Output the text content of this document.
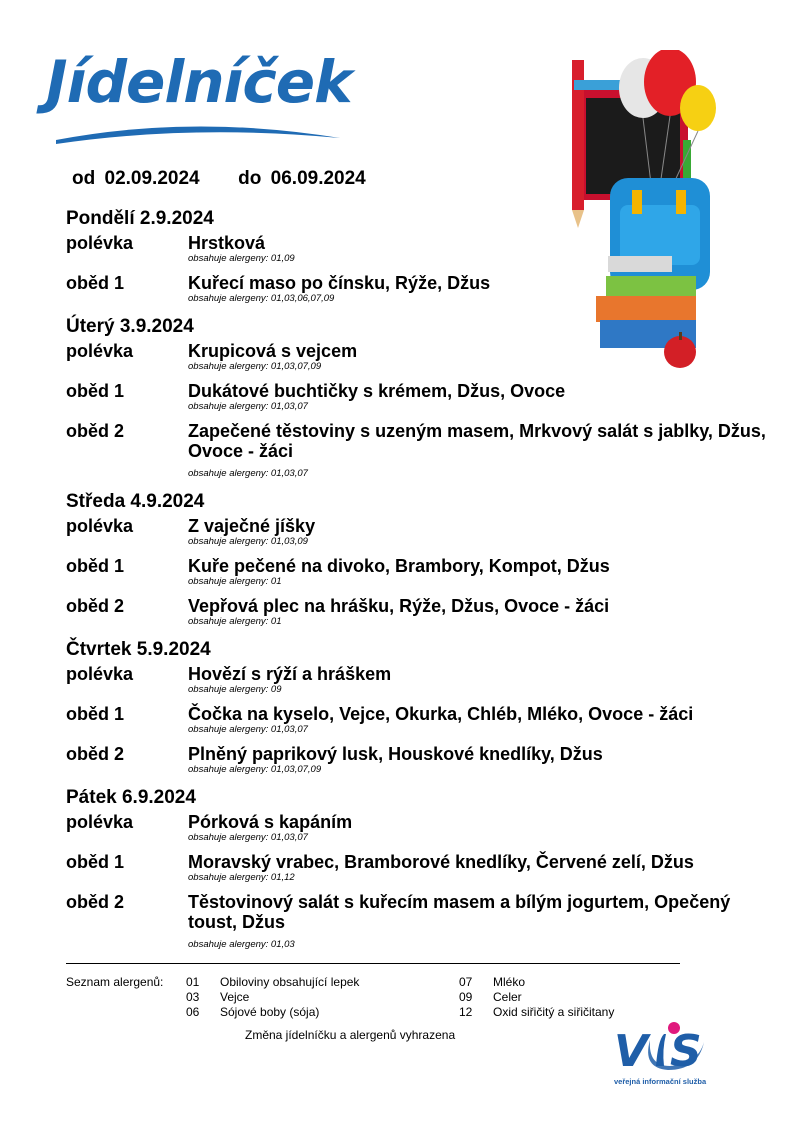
Jídelníček
od 02.09.2024 do 06.09.2024
Pondělí 2.9.2024
polévka	Hrstková
obsahuje alergeny: 01,09
oběd 1	Kuřecí maso po čínsku, Rýže, Džus
obsahuje alergeny: 01,03,06,07,09
Úterý 3.9.2024
polévka	Krupicová s vejcem
obsahuje alergeny: 01,03,07,09
oběd 1	Dukátové buchtičky s krémem, Džus, Ovoce
obsahuje alergeny: 01,03,07
oběd 2	Zapečené těstoviny s uzeným masem, Mrkvový salát s jablky, Džus, Ovoce - žáci
obsahuje alergeny: 01,03,07
Středa 4.9.2024
polévka	Z vaječné jíšky
obsahuje alergeny: 01,03,09
oběd 1	Kuře pečené na divoko, Brambory, Kompot, Džus
obsahuje alergeny: 01
oběd 2	Vepřová plec na hrášku, Rýže, Džus, Ovoce - žáci
obsahuje alergeny: 01
Čtvrtek 5.9.2024
polévka	Hovězí s rýží a hráškem
obsahuje alergeny: 09
oběd 1	Čočka na kyselo, Vejce, Okurka, Chléb, Mléko, Ovoce - žáci
obsahuje alergeny: 01,03,07
oběd 2	Plněný paprikový lusk, Houskové knedlíky, Džus
obsahuje alergeny: 01,03,07,09
Pátek 6.9.2024
polévka	Pórková s kapáním
obsahuje alergeny: 01,03,07
oběd 1	Moravský vrabec, Bramborové knedlíky, Červené zelí, Džus
obsahuje alergeny: 01,12
oběd 2	Těstovinový salát s kuřecím masem a bílým jogurtem, Opečený toust, Džus
obsahuje alergeny: 01,03
Seznam alergenů: 01 Obiloviny obsahující lepek
03 Vejce
06 Sójové boby (sója)
07 Mléko
09 Celer
12 Oxid siřičitý a siřičitany
Změna jídelníčku a alergenů vyhrazena	V S
veřejná informační služba
